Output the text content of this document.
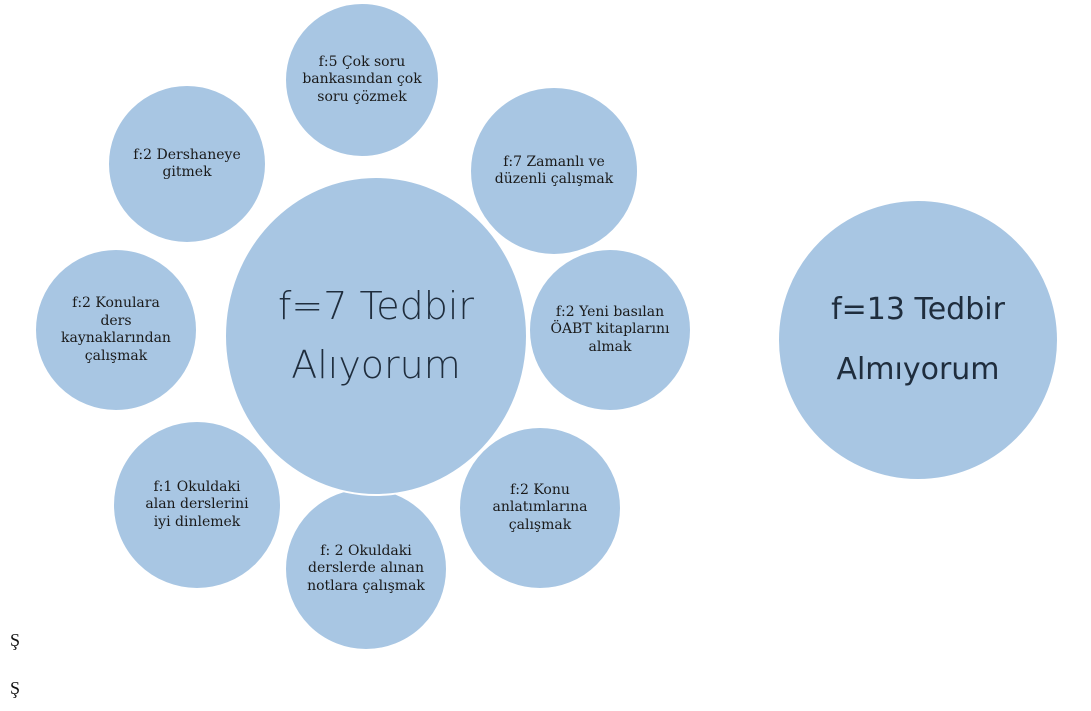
f:5 Çok soru bankasından çok soru çözmek
f:7 Zamanlı ve düzenli çalışmak
f:2 Yeni basılan ÖABT kitaplarını almak
f:2 Konu anlatımlarına çalışmak
f: 2 Okuldaki derslerde alınan notlara çalışmak
f:1 Okuldaki alan derslerini iyi dinlemek
f:2 Konulara ders kaynaklarından çalışmak
f:2 Dershaneye gitmek
f=7 Tedbir Alıyorum
f=13 Tedbir Almıyorum
Ş
Ş
